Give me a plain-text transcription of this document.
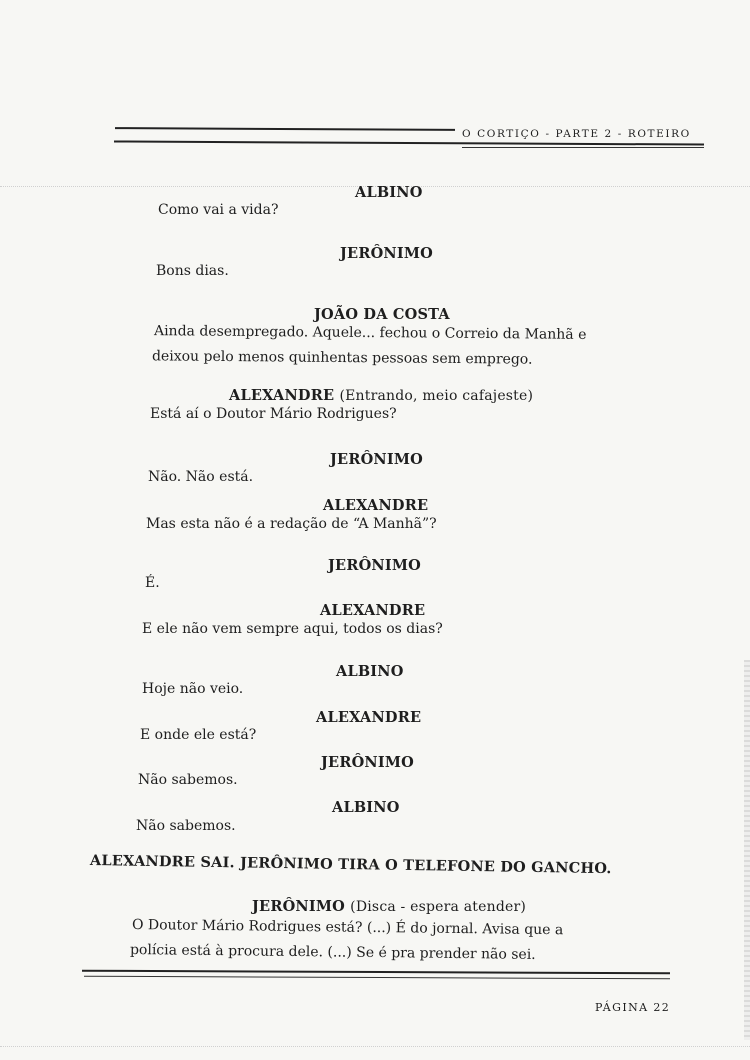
O CORTIÇO - PARTE 2 - ROTEIRO
ALBINO
Como vai a vida?
JERÔNIMO
Bons dias.
JOÃO DA COSTA
Ainda desempregado. Aquele... fechou o Correio da Manhã e
deixou pelo menos quinhentas pessoas sem emprego.
ALEXANDRE (Entrando, meio cafajeste)
Está aí o Doutor Mário Rodrigues?
JERÔNIMO
Não. Não está.
ALEXANDRE
Mas esta não é a redação de “A Manhã”?
JERÔNIMO
É.
ALEXANDRE
E ele não vem sempre aqui, todos os dias?
ALBINO
Hoje não veio.
ALEXANDRE
E onde ele está?
JERÔNIMO
Não sabemos.
ALBINO
Não sabemos.
ALEXANDRE SAI. JERÔNIMO TIRA O TELEFONE DO GANCHO.
JERÔNIMO (Disca - espera atender)
O Doutor Mário Rodrigues está? (...) É do jornal. Avisa que a
polícia está à procura dele. (...) Se é pra prender não sei.
PÁGINA 22
